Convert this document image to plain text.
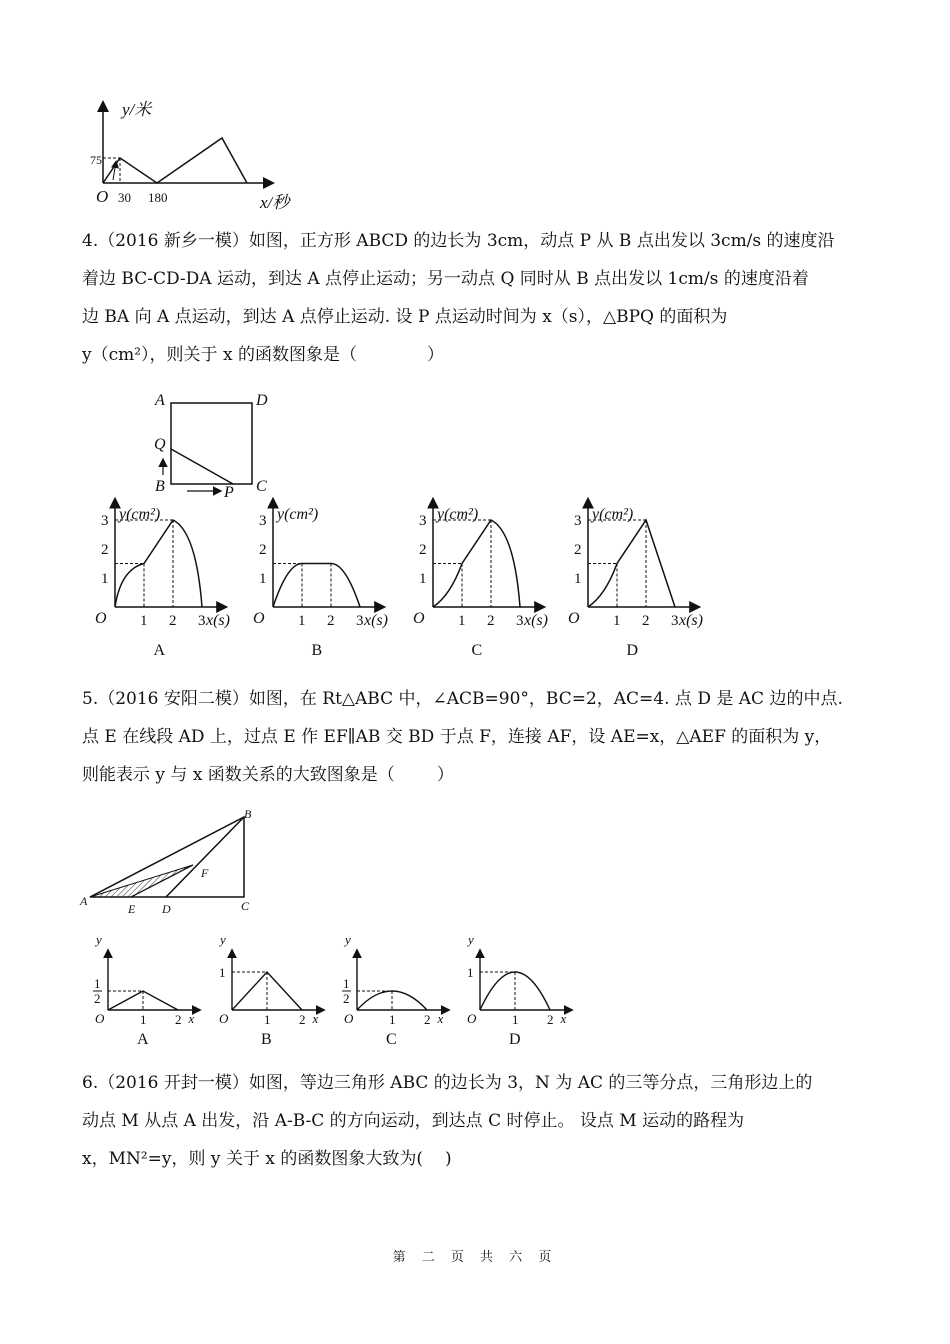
y/米
75
O 30 180	x/秒

4.（2016 新乡一模）如图，正方形 ABCD 的边长为 3cm，动点 P 从 B 点出发以 3cm/s 的速度沿

着边 BC-CD-DA 运动，到达 A 点停止运动；另一动点 Q 同时从 B 点出发以 1cm/s 的速度沿着

边 BA 向 A 点运动，到达 A 点停止运动. 设 P 点运动时间为 x（s），△BPQ 的面积为

y（cm²），则关于 x 的函数图象是（	）

A	D
Q
B	C
P
y(cm²)
1
2
3
O 1 2 3 x(s)
A
y(cm²)
1
2
3
O 1 2 3 x(s)
B
y(cm²)
1
2
3
O 1 2 3 x(s)
C
y(cm²)
1
2
3
O 1 2 3 x(s)
D

5.（2016 安阳二模）如图，在 Rt△ABC 中，∠ACB=90°，BC=2，AC=4. 点 D 是 AC 边的中点.

点 E 在线段 AD 上，过点 E 作 EF∥AB 交 BD 于点 F，连接 AF，设 AE=x，△AEF 的面积为 y，

则能表示 y 与 x 函数关系的大致图象是（ ）

B
F
A
E D	C
y
1
2
O	1 2 x
A
y
1
O	1 2 x
B
y
1
2
O	1 2 x
C
y
1
O	1 2 x
D

6.（2016 开封一模）如图，等边三角形 ABC 的边长为 3，N 为 AC 的三等分点，三角形边上的

动点 M 从点 A 出发，沿 A-B-C 的方向运动，到达点 C 时停止。 设点 M 运动的路程为

x，MN²=y，则 y 关于 x 的函数图象大致为( )

第 二 页 共 六 页
